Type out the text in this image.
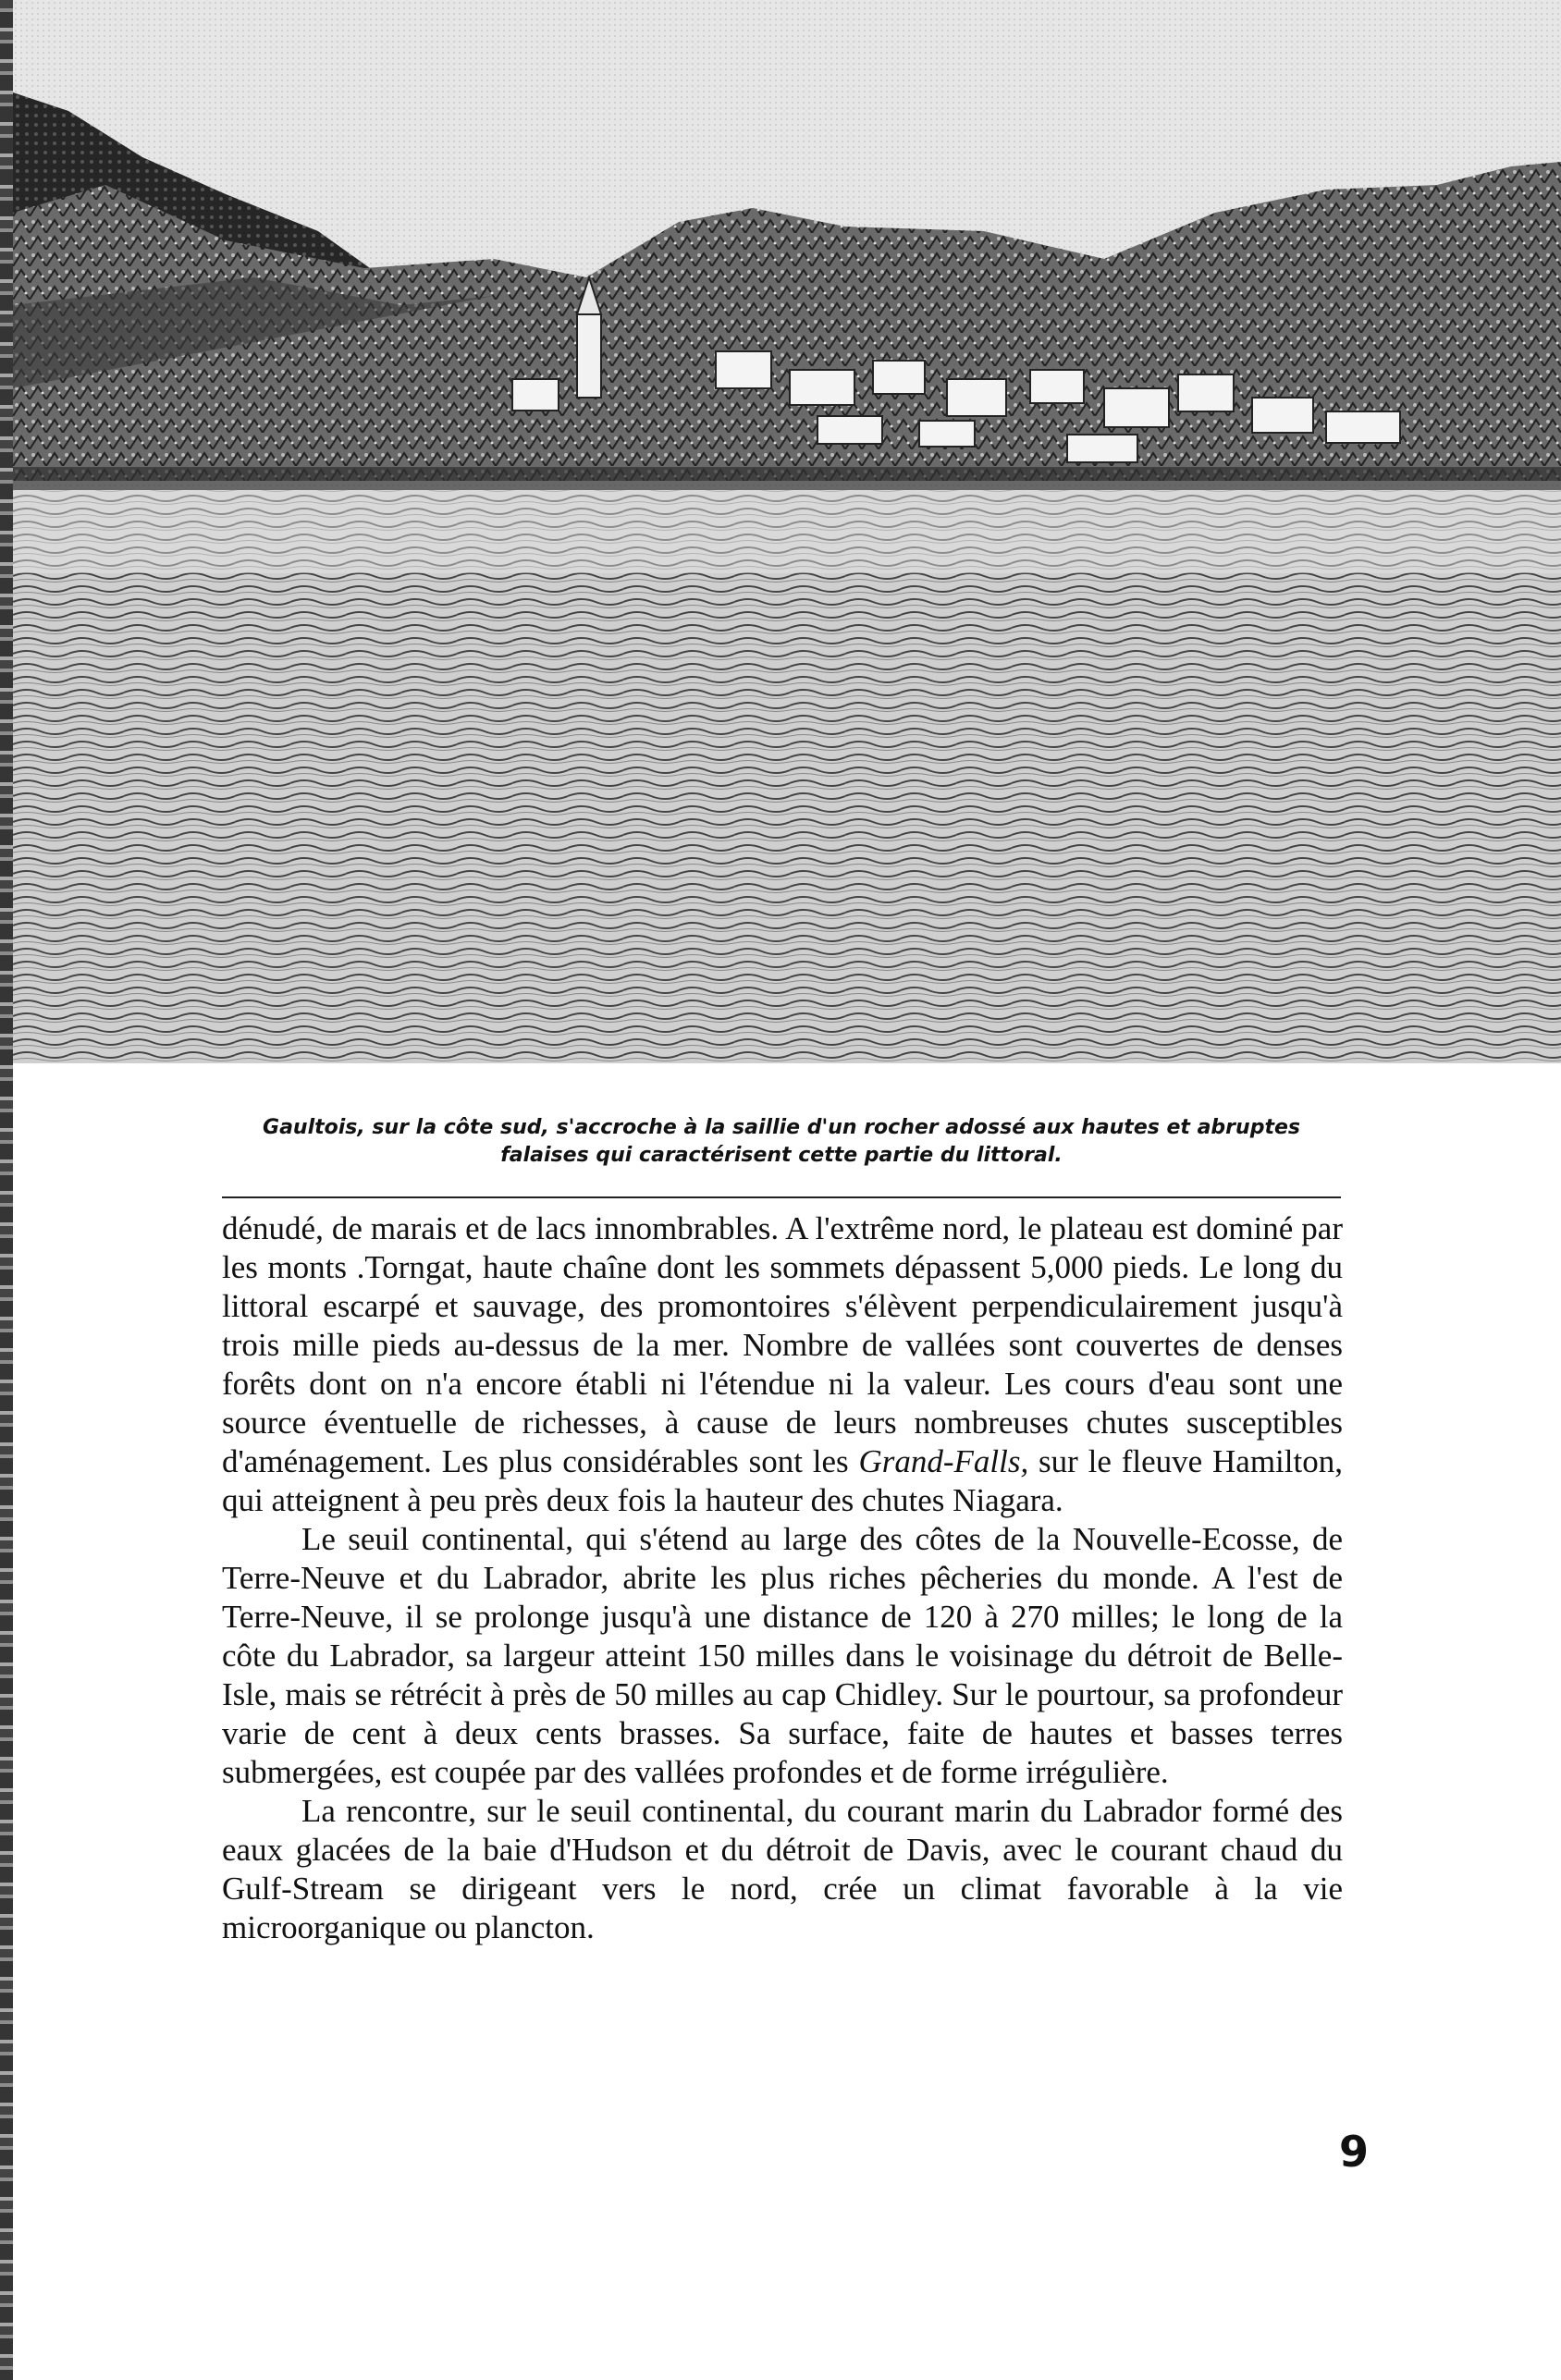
Gaultois, sur la côte sud, s'accroche à la saillie d'un rocher adossé aux hautes et abruptes
falaises qui caractérisent cette partie du littoral.

dénudé, de marais et de lacs innombrables. A l'extrême nord, le plateau est dominé par les monts .Torngat, haute chaîne dont les sommets dépassent 5,000 pieds. Le long du littoral escarpé et sauvage, des promontoires s'élèvent perpendiculairement jusqu'à trois mille pieds au-dessus de la mer. Nombre de vallées sont couvertes de denses forêts dont on n'a encore établi ni l'étendue ni la valeur. Les cours d'eau sont une source éventuelle de richesses, à cause de leurs nombreuses chutes susceptibles d'aménagement. Les plus considérables sont les Grand-Falls, sur le fleuve Hamilton, qui atteignent à peu près deux fois la hauteur des chutes Niagara.

Le seuil continental, qui s'étend au large des côtes de la Nouvelle-Ecosse, de Terre-Neuve et du Labrador, abrite les plus riches pêcheries du monde. A l'est de Terre-Neuve, il se prolonge jusqu'à une distance de 120 à 270 milles; le long de la côte du Labrador, sa largeur atteint 150 milles dans le voisinage du détroit de Belle-Isle, mais se rétrécit à près de 50 milles au cap Chidley. Sur le pourtour, sa profondeur varie de cent à deux cents brasses. Sa surface, faite de hautes et basses terres submergées, est coupée par des vallées profondes et de forme irrégulière.

La rencontre, sur le seuil continental, du courant marin du Labrador formé des eaux glacées de la baie d'Hudson et du détroit de Davis, avec le courant chaud du Gulf-Stream se dirigeant vers le nord, crée un climat favorable à la vie microorganique ou plancton.

9
